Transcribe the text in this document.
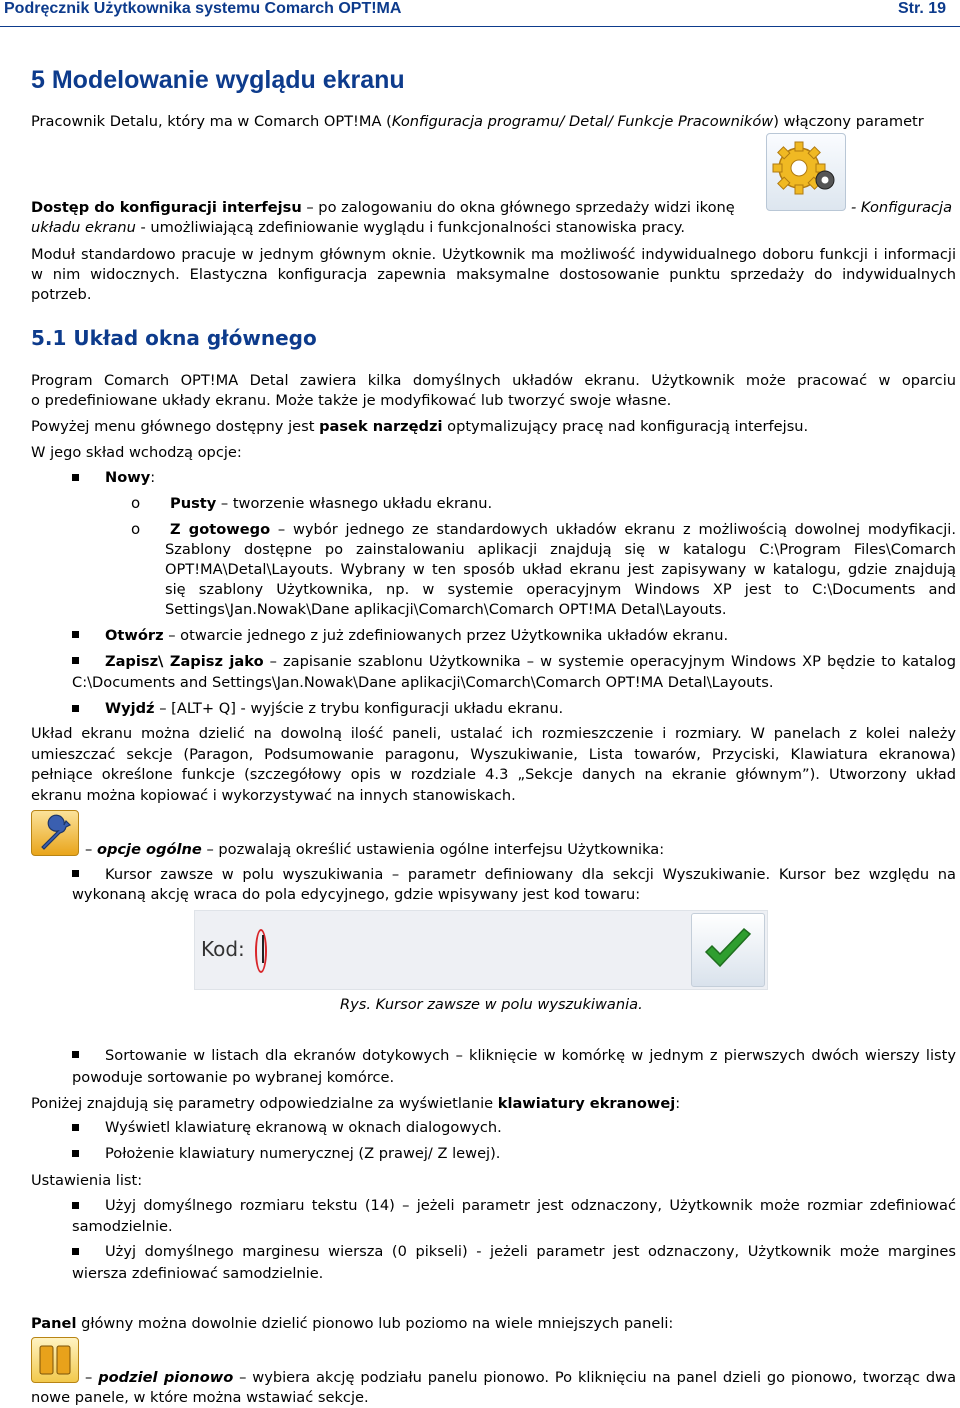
Podręcznik Użytkownika systemu Comarch OPT!MA	Str. 19
5 Modelowanie wyglądu ekranu
Pracownik Detalu, który ma w Comarch OPT!MA (Konfiguracja programu/ Detal/ Funkcje Pracowników) włączony parametr
Dostęp do konfiguracji interfejsu – po zalogowaniu do okna głównego sprzedaży widzi ikonę	- Konfiguracja
układu ekranu - umożliwiającą zdefiniowanie wyglądu i funkcjonalności stanowiska pracy.
Moduł standardowo pracuje w jednym głównym oknie. Użytkownik ma możliwość indywidualnego doboru funkcji i informacji
w nim widocznych. Elastyczna konfiguracja zapewnia maksymalne dostosowanie punktu sprzedaży do indywidualnych
potrzeb.
5.1 Układ okna głównego
Program Comarch OPT!MA Detal zawiera kilka domyślnych układów ekranu. Użytkownik może pracować w oparciu
o predefiniowane układy ekranu. Może także je modyfikować lub tworzyć swoje własne.
Powyżej menu głównego dostępny jest pasek narzędzi optymalizujący pracę nad konfiguracją interfejsu.
W jego skład wchodzą opcje:
Nowy:
o Pusty – tworzenie własnego układu ekranu.
o Z gotowego – wybór jednego ze standardowych układów ekranu z możliwością dowolnej modyfikacji.
Szablony dostępne po zainstalowaniu aplikacji znajdują się w katalogu C:\Program Files\Comarch
OPT!MA\Detal\Layouts. Wybrany w ten sposób układ ekranu jest zapisywany w katalogu, gdzie znajdują
się szablony Użytkownika, np. w systemie operacyjnym Windows XP jest to C:\Documents and
Settings\Jan.Nowak\Dane aplikacji\Comarch\Comarch OPT!MA Detal\Layouts.
Otwórz – otwarcie jednego z już zdefiniowanych przez Użytkownika układów ekranu.
Zapisz\ Zapisz jako – zapisanie szablonu Użytkownika – w systemie operacyjnym Windows XP będzie to katalog
C:\Documents and Settings\Jan.Nowak\Dane aplikacji\Comarch\Comarch OPT!MA Detal\Layouts.
Wyjdź – [ALT+ Q] - wyjście z trybu konfiguracji układu ekranu.
Układ ekranu można dzielić na dowolną ilość paneli, ustalać ich rozmieszczenie i rozmiary. W panelach z kolei należy
umieszczać sekcje (Paragon, Podsumowanie paragonu, Wyszukiwanie, Lista towarów, Przyciski, Klawiatura ekranowa)
pełniące określone funkcje (szczegółowy opis w rozdziale 4.3 „Sekcje danych na ekranie głównym”). Utworzony układ
ekranu można kopiować i wykorzystywać na innych stanowiskach.
– opcje ogólne – pozwalają określić ustawienia ogólne interfejsu Użytkownika:
Kursor zawsze w polu wyszukiwania – parametr definiowany dla sekcji Wyszukiwanie. Kursor bez względu na
wykonaną akcję wraca do pola edycyjnego, gdzie wpisywany jest kod towaru:
Kod:
Rys. Kursor zawsze w polu wyszukiwania.
Sortowanie w listach dla ekranów dotykowych – kliknięcie w komórkę w jednym z pierwszych dwóch wierszy listy
powoduje sortowanie po wybranej komórce.
Poniżej znajdują się parametry odpowiedzialne za wyświetlanie klawiatury ekranowej:
Wyświetl klawiaturę ekranową w oknach dialogowych.
Położenie klawiatury numerycznej (Z prawej/ Z lewej).
Ustawienia list:
Użyj domyślnego rozmiaru tekstu (14) – jeżeli parametr jest odznaczony, Użytkownik może rozmiar zdefiniować
samodzielnie.
Użyj domyślnego marginesu wiersza (0 pikseli) - jeżeli parametr jest odznaczony, Użytkownik może margines
wiersza zdefiniować samodzielnie.
Panel główny można dowolnie dzielić pionowo lub poziomo na wiele mniejszych paneli:
– podziel pionowo – wybiera akcję podziału panelu pionowo. Po kliknięciu na panel dzieli go pionowo, tworząc dwa
nowe panele, w które można wstawiać sekcje.
